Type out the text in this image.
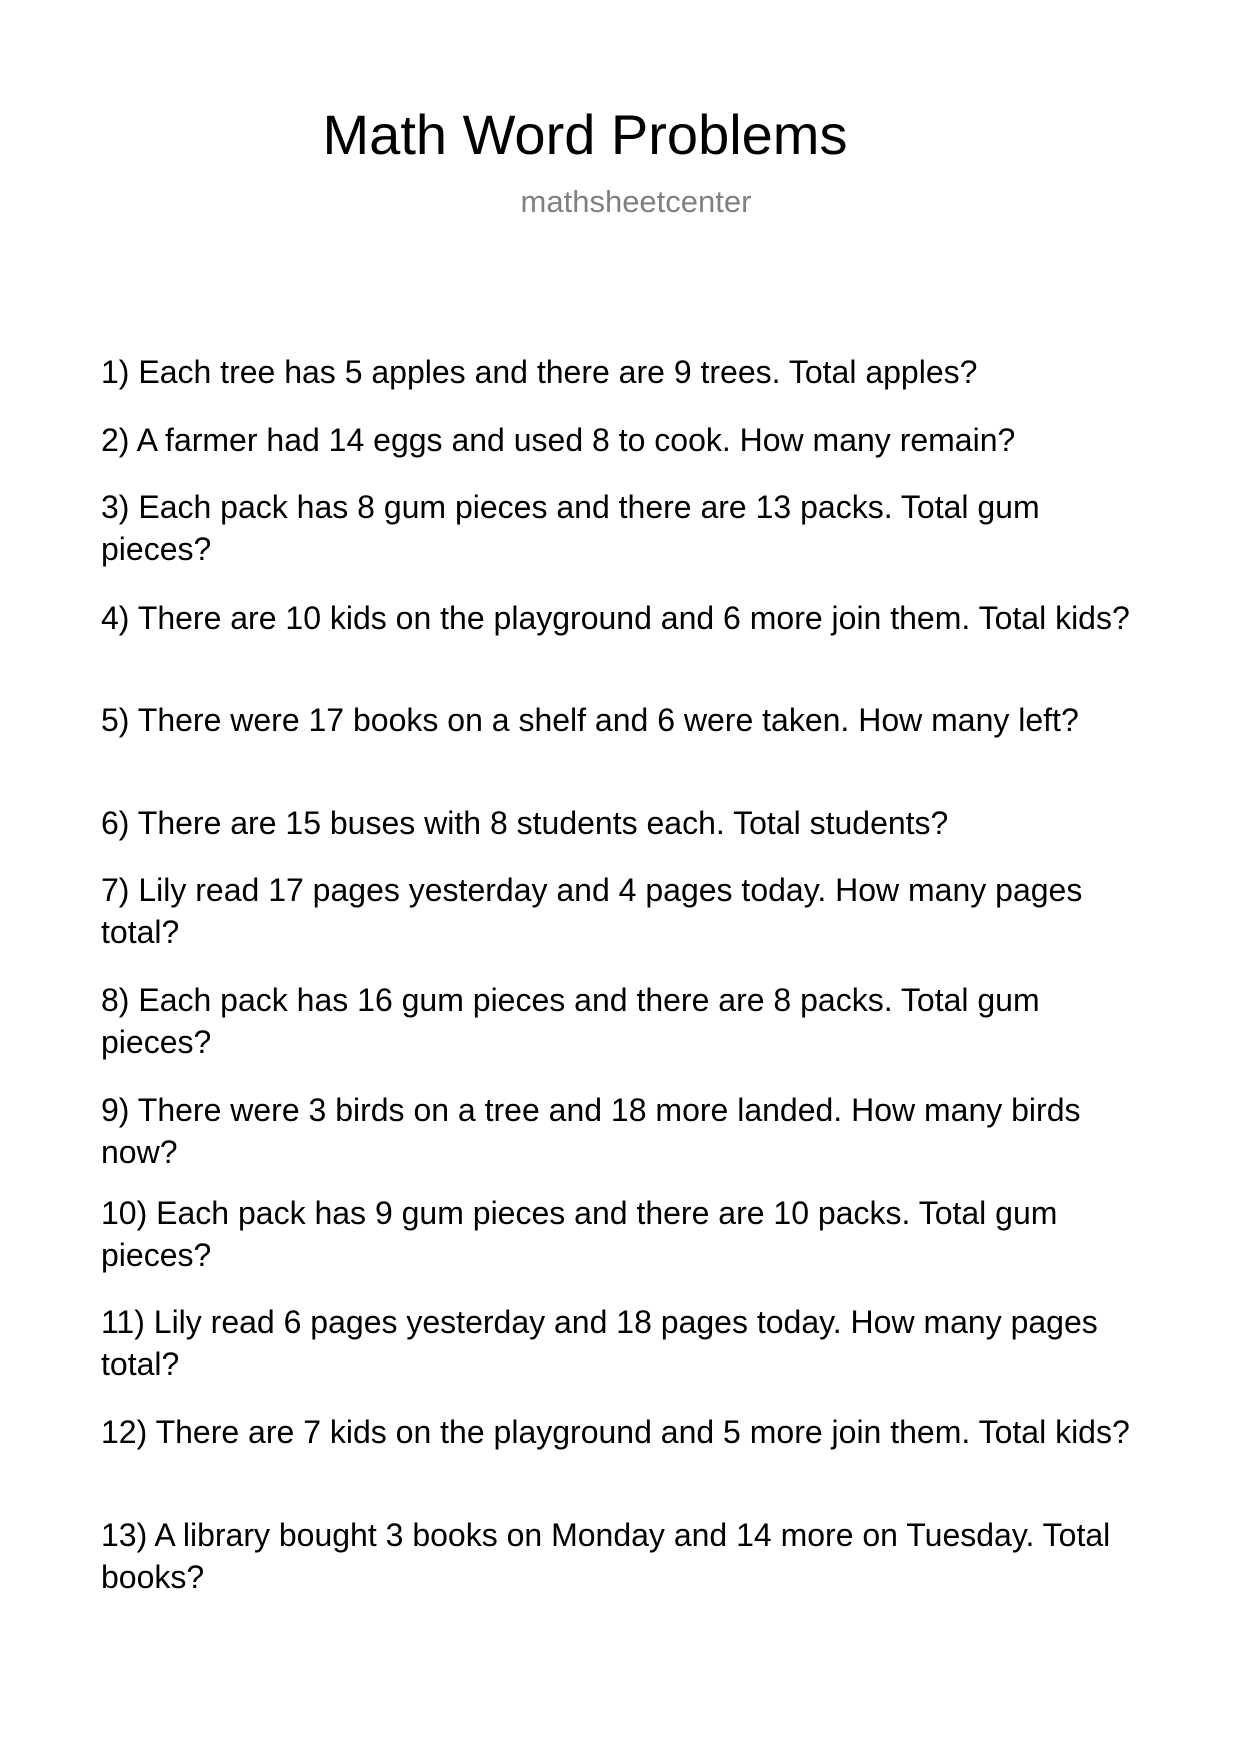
Math Word Problems
mathsheetcenter
1) Each tree has 5 apples and there are 9 trees. Total apples?
2) A farmer had 14 eggs and used 8 to cook. How many remain?
3) Each pack has 8 gum pieces and there are 13 packs. Total gum pieces?
4) There are 10 kids on the playground and 6 more join them. Total kids?
5) There were 17 books on a shelf and 6 were taken. How many left?
6) There are 15 buses with 8 students each. Total students?
7) Lily read 17 pages yesterday and 4 pages today. How many pages total?
8) Each pack has 16 gum pieces and there are 8 packs. Total gum pieces?
9) There were 3 birds on a tree and 18 more landed. How many birds now?
10) Each pack has 9 gum pieces and there are 10 packs. Total gum pieces?
11) Lily read 6 pages yesterday and 18 pages today. How many pages total?
12) There are 7 kids on the playground and 5 more join them. Total kids?
13) A library bought 3 books on Monday and 14 more on Tuesday. Total books?
